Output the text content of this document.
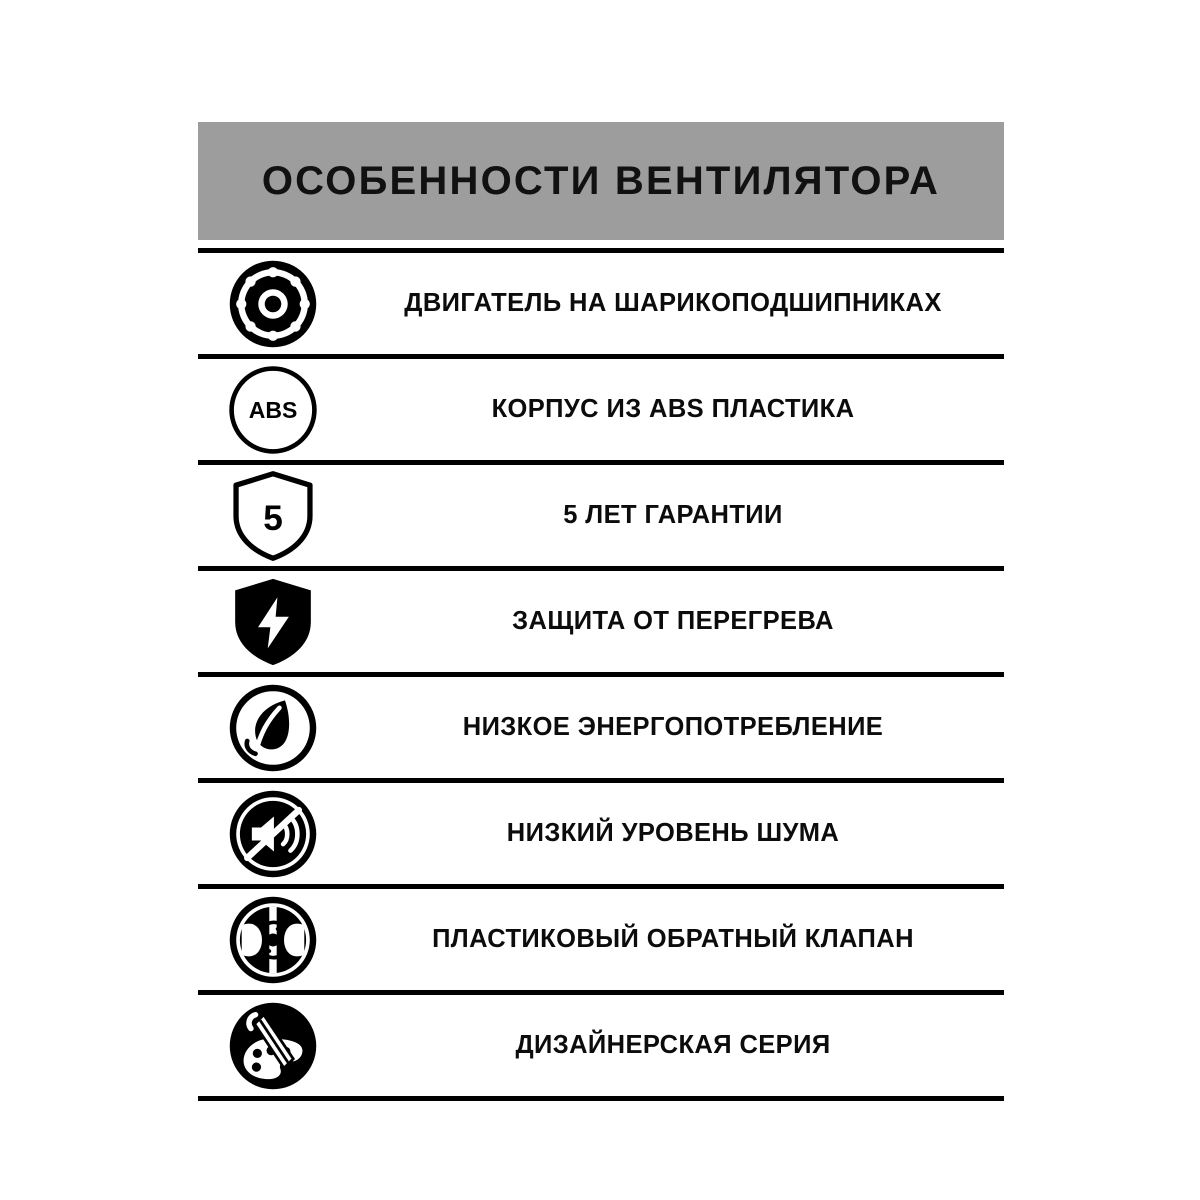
ОСОБЕННОСТИ ВЕНТИЛЯТОРА
ДВИГАТЕЛЬ НА ШАРИКОПОДШИПНИКАХ
ABS	КОРПУС ИЗ ABS ПЛАСТИКА
5	5 ЛЕТ ГАРАНТИИ
ЗАЩИТА ОТ ПЕРЕГРЕВА
НИЗКОЕ ЭНЕРГОПОТРЕБЛЕНИЕ
НИЗКИЙ УРОВЕНЬ ШУМА
ПЛАСТИКОВЫЙ ОБРАТНЫЙ КЛАПАН
ДИЗАЙНЕРСКАЯ СЕРИЯ
